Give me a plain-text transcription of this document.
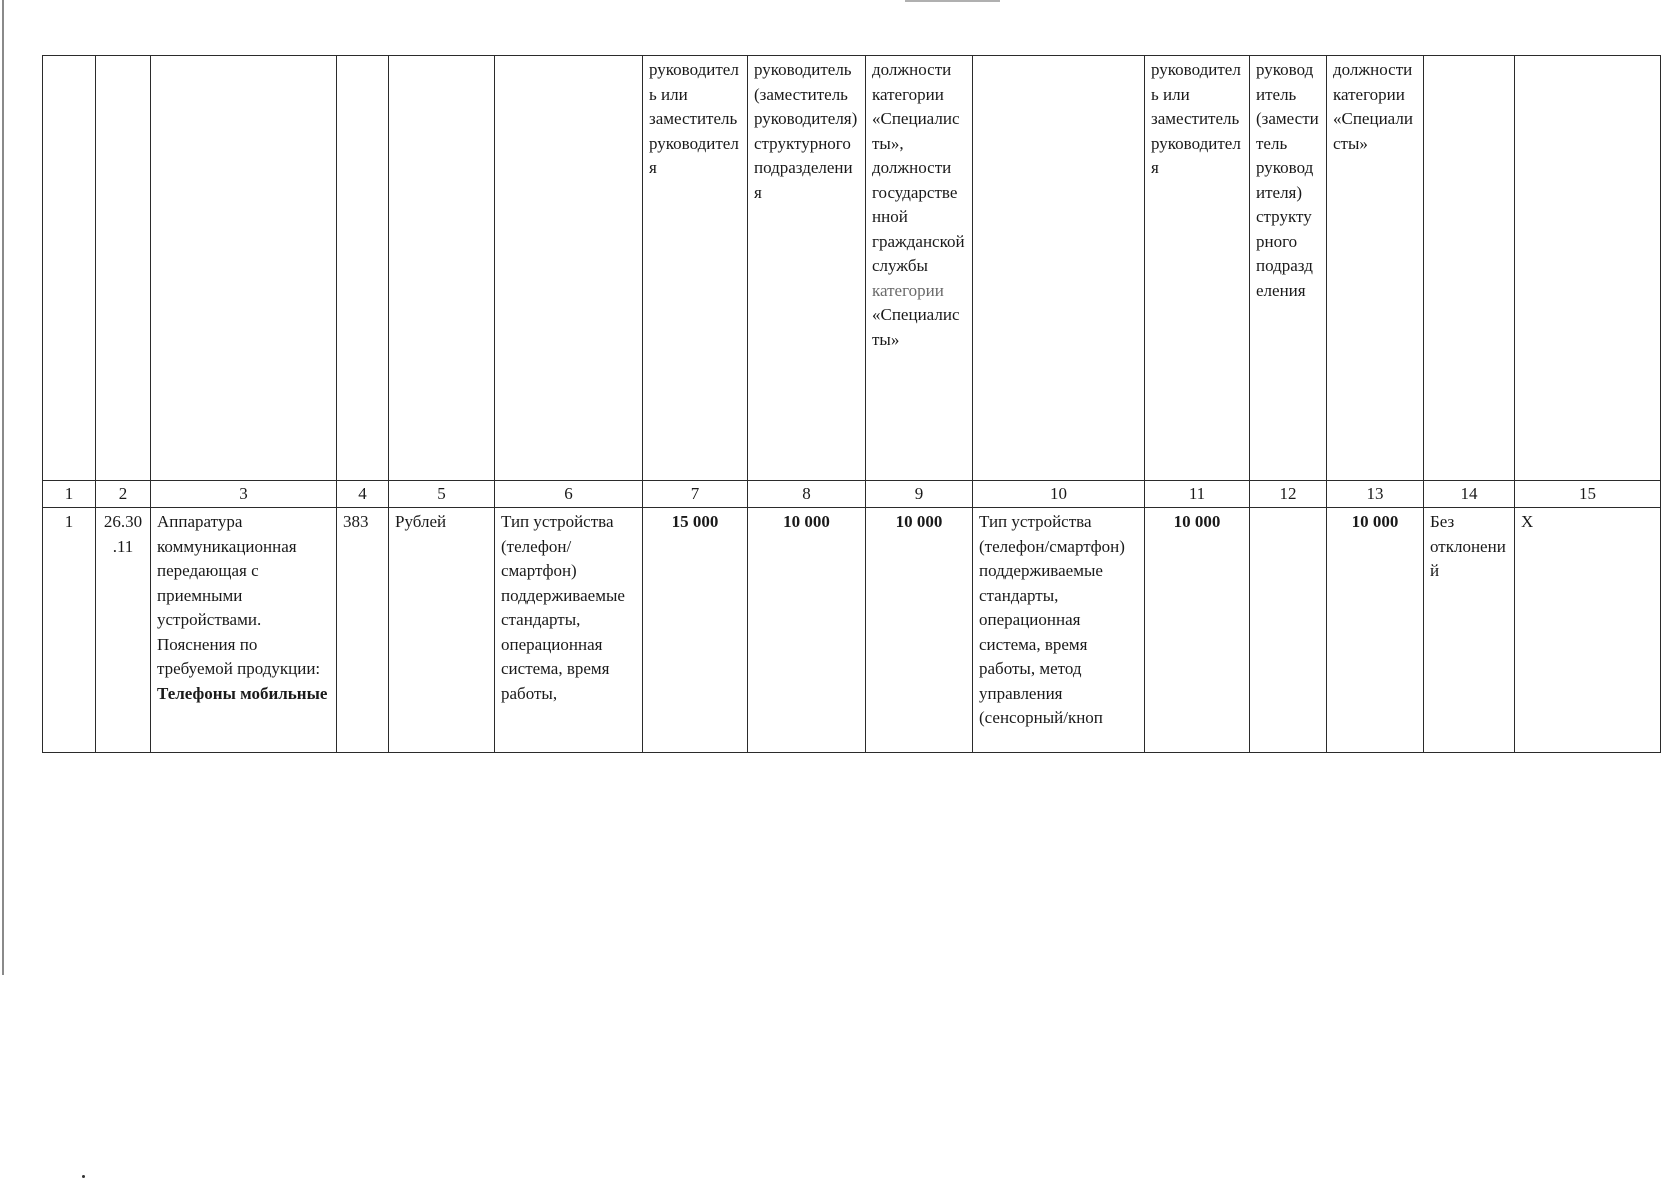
						руководитель или заместитель руководителя	руководитель (заместитель руководителя) структурного подразделения	должности категории «Специалисты», должности государственной гражданской службы категории «Специалисты»		руководитель или заместитель руководителя	руководитель (заместитель руководителя) структурного подразделения	должности категории «Специалисты»		
1	2	3	4	5	6	7	8	9	10	11	12	13	14	15
1	26.30.11	Аппаратура коммуникационная передающая с приемными устройствами. Пояснения по требуемой продукции: Телефоны мобильные	383	Рублей	Тип устройства (телефон/смартфон) поддерживаемые стандарты, операционная система, время работы,	15 000	10 000	10 000	Тип устройства (телефон/смартфон) поддерживаемые стандарты, операционная система, время работы, метод управления (сенсорный/кноп	10 000		10 000	Без отклонений	X
